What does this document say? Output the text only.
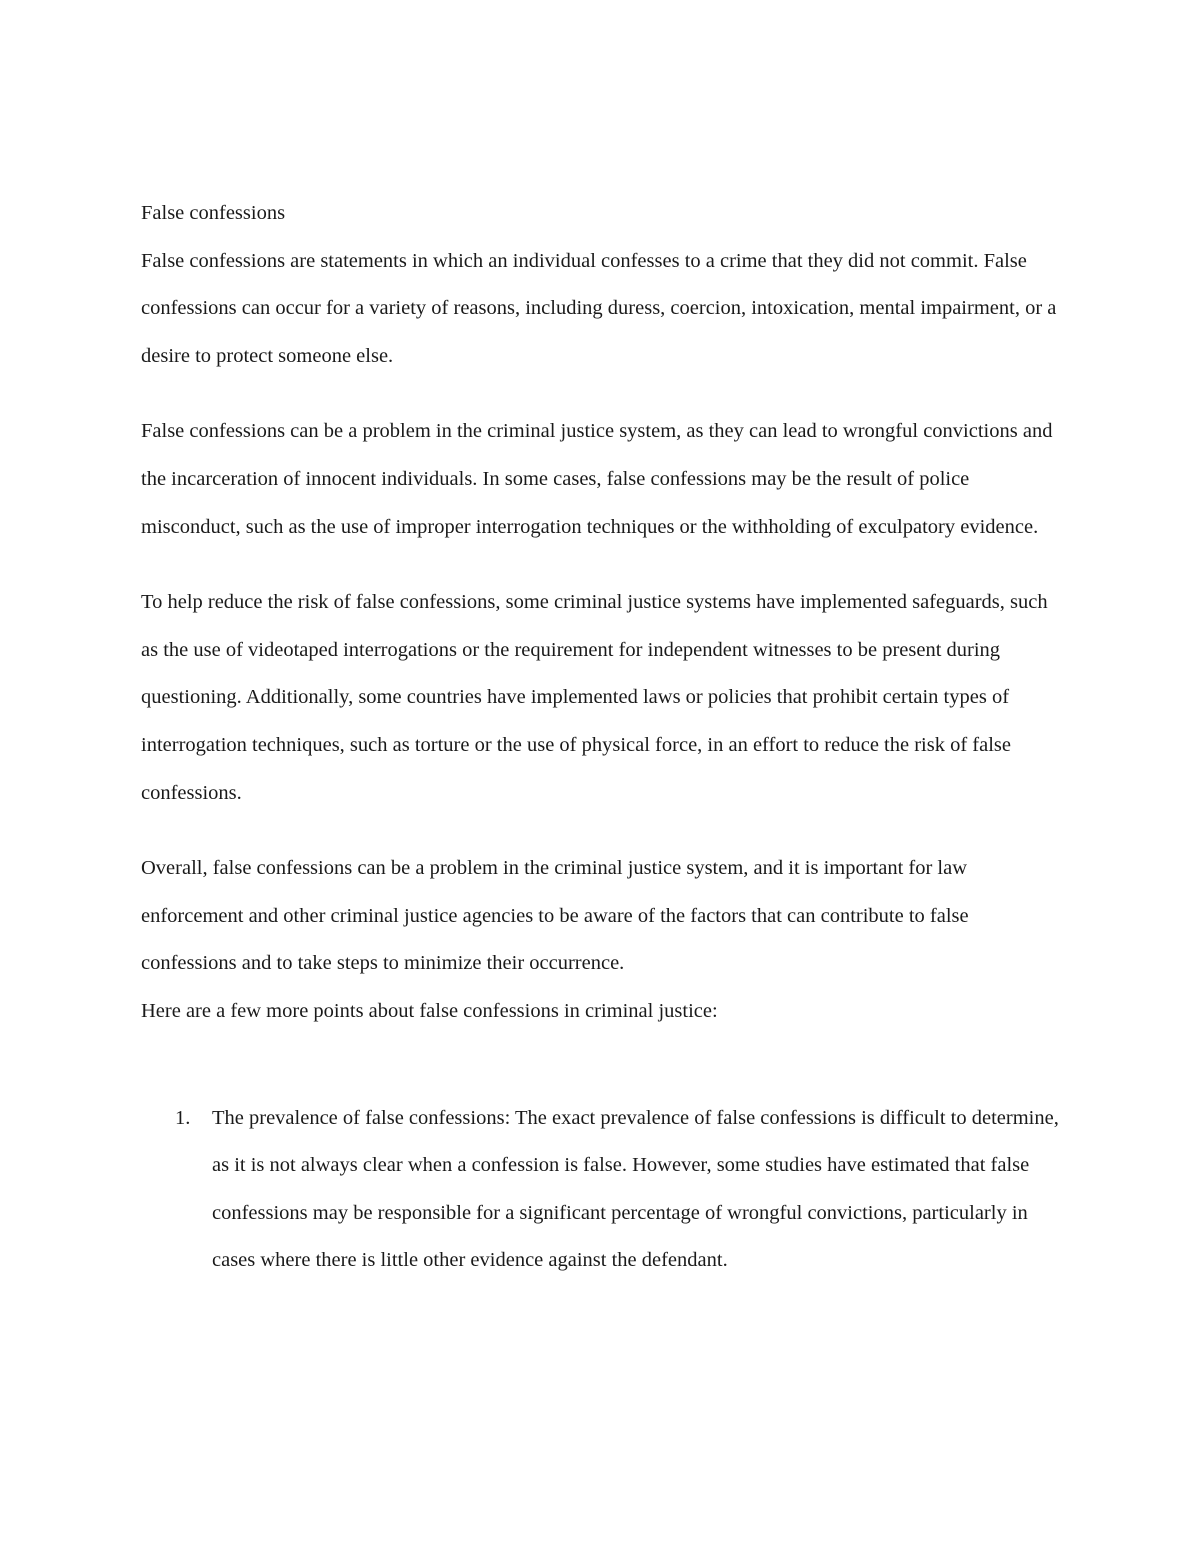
False confessions

False confessions are statements in which an individual confesses to a crime that they did not commit. False confessions can occur for a variety of reasons, including duress, coercion, intoxication, mental impairment, or a desire to protect someone else.

False confessions can be a problem in the criminal justice system, as they can lead to wrongful convictions and the incarceration of innocent individuals. In some cases, false confessions may be the result of police misconduct, such as the use of improper interrogation techniques or the withholding of exculpatory evidence.

To help reduce the risk of false confessions, some criminal justice systems have implemented safeguards, such as the use of videotaped interrogations or the requirement for independent witnesses to be present during questioning. Additionally, some countries have implemented laws or policies that prohibit certain types of interrogation techniques, such as torture or the use of physical force, in an effort to reduce the risk of false confessions.

Overall, false confessions can be a problem in the criminal justice system, and it is important for law enforcement and other criminal justice agencies to be aware of the factors that can contribute to false confessions and to take steps to minimize their occurrence.

Here are a few more points about false confessions in criminal justice:

1. The prevalence of false confessions: The exact prevalence of false confessions is difficult to determine, as it is not always clear when a confession is false. However, some studies have estimated that false confessions may be responsible for a significant percentage of wrongful convictions, particularly in cases where there is little other evidence against the defendant.
